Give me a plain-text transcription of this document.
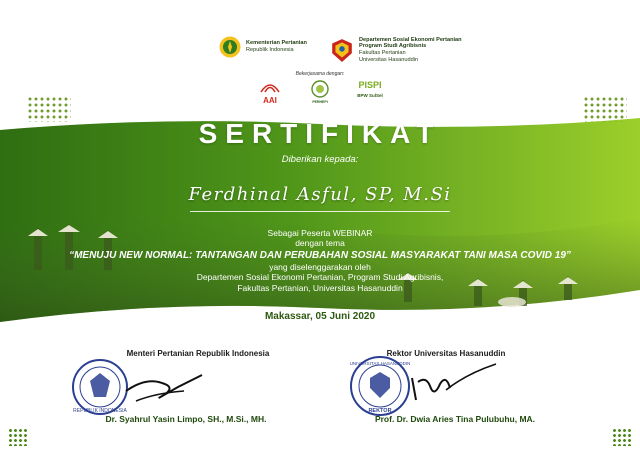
Kementerian Pertanian
Republik Indonesia
Departemen Sosial Ekonomi Pertanian
Program Studi Agribisnis
Fakultas Pertanian
Universitas Hasanuddin
Bekerjasama dengan:
AAI	PERHEPI
PISPI
BPW SulSel
SERTIFIKAT
Diberikan kepada:
Ferdhinal Asful, SP, M.Si
Sebagai Peserta WEBINAR
dengan tema
“MENUJU NEW NORMAL: TANTANGAN DAN PERUBAHAN SOSIAL MASYARAKAT TANI MASA COVID 19”
yang diselenggarakan oleh
Departemen Sosial Ekonomi Pertanian, Program Studi Agribisnis,
Fakultas Pertanian, Universitas Hasanuddin
Makassar, 05 Juni 2020
Menteri Pertanian Republik Indonesia	Rektor Universitas Hasanuddin
REPUBLIK INDONESIA
UNIVERSITAS HASANUDDIN
REKTOR
Dr. Syahrul Yasin Limpo, SH., M.Si., MH.	Prof. Dr. Dwia Aries Tina Pulubuhu, MA.
